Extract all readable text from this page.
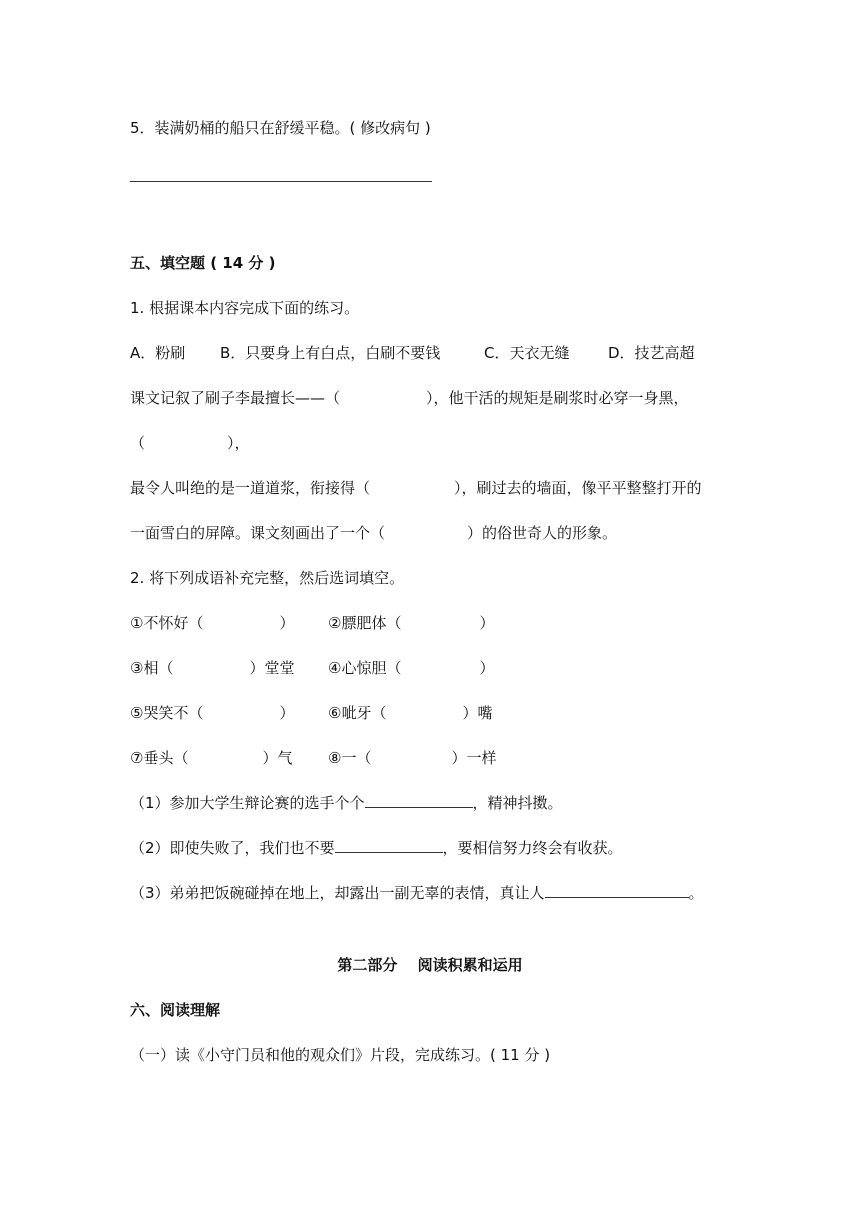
5．装满奶桶的船只在舒缓平稳。( 修改病句 )
五、填空题 ( 14 分 )
1. 根据课本内容完成下面的练习。
A．粉刷 B．只要身上有白点，白刷不要钱	C．天衣无缝	D．技艺高超
课文记叙了刷子李最擅长——（	），他干活的规矩是刷浆时必穿一身黑，
（	），
最令人叫绝的是一道道浆，衔接得（	），刷过去的墙面，像平平整整打开的
一面雪白的屏障。课文刻画出了一个（	）的俗世奇人的形象。
2. 将下列成语补充完整，然后选词填空。
①不怀好（	） ②膘肥体（	）
③相（	）堂堂 ④心惊胆（	）
⑤哭笑不（	） ⑥呲牙（	）嘴
⑦垂头（	）气 ⑧一（	）一样
（1）参加大学生辩论赛的选手个个	，精神抖擞。
（2）即使失败了，我们也不要	，要相信努力终会有收获。
（3）弟弟把饭碗碰掉在地上，却露出一副无辜的表情，真让人	。
第二部分　 阅读积累和运用
六、阅读理解
（一）读《小守门员和他的观众们》片段，完成练习。( 11 分 )
